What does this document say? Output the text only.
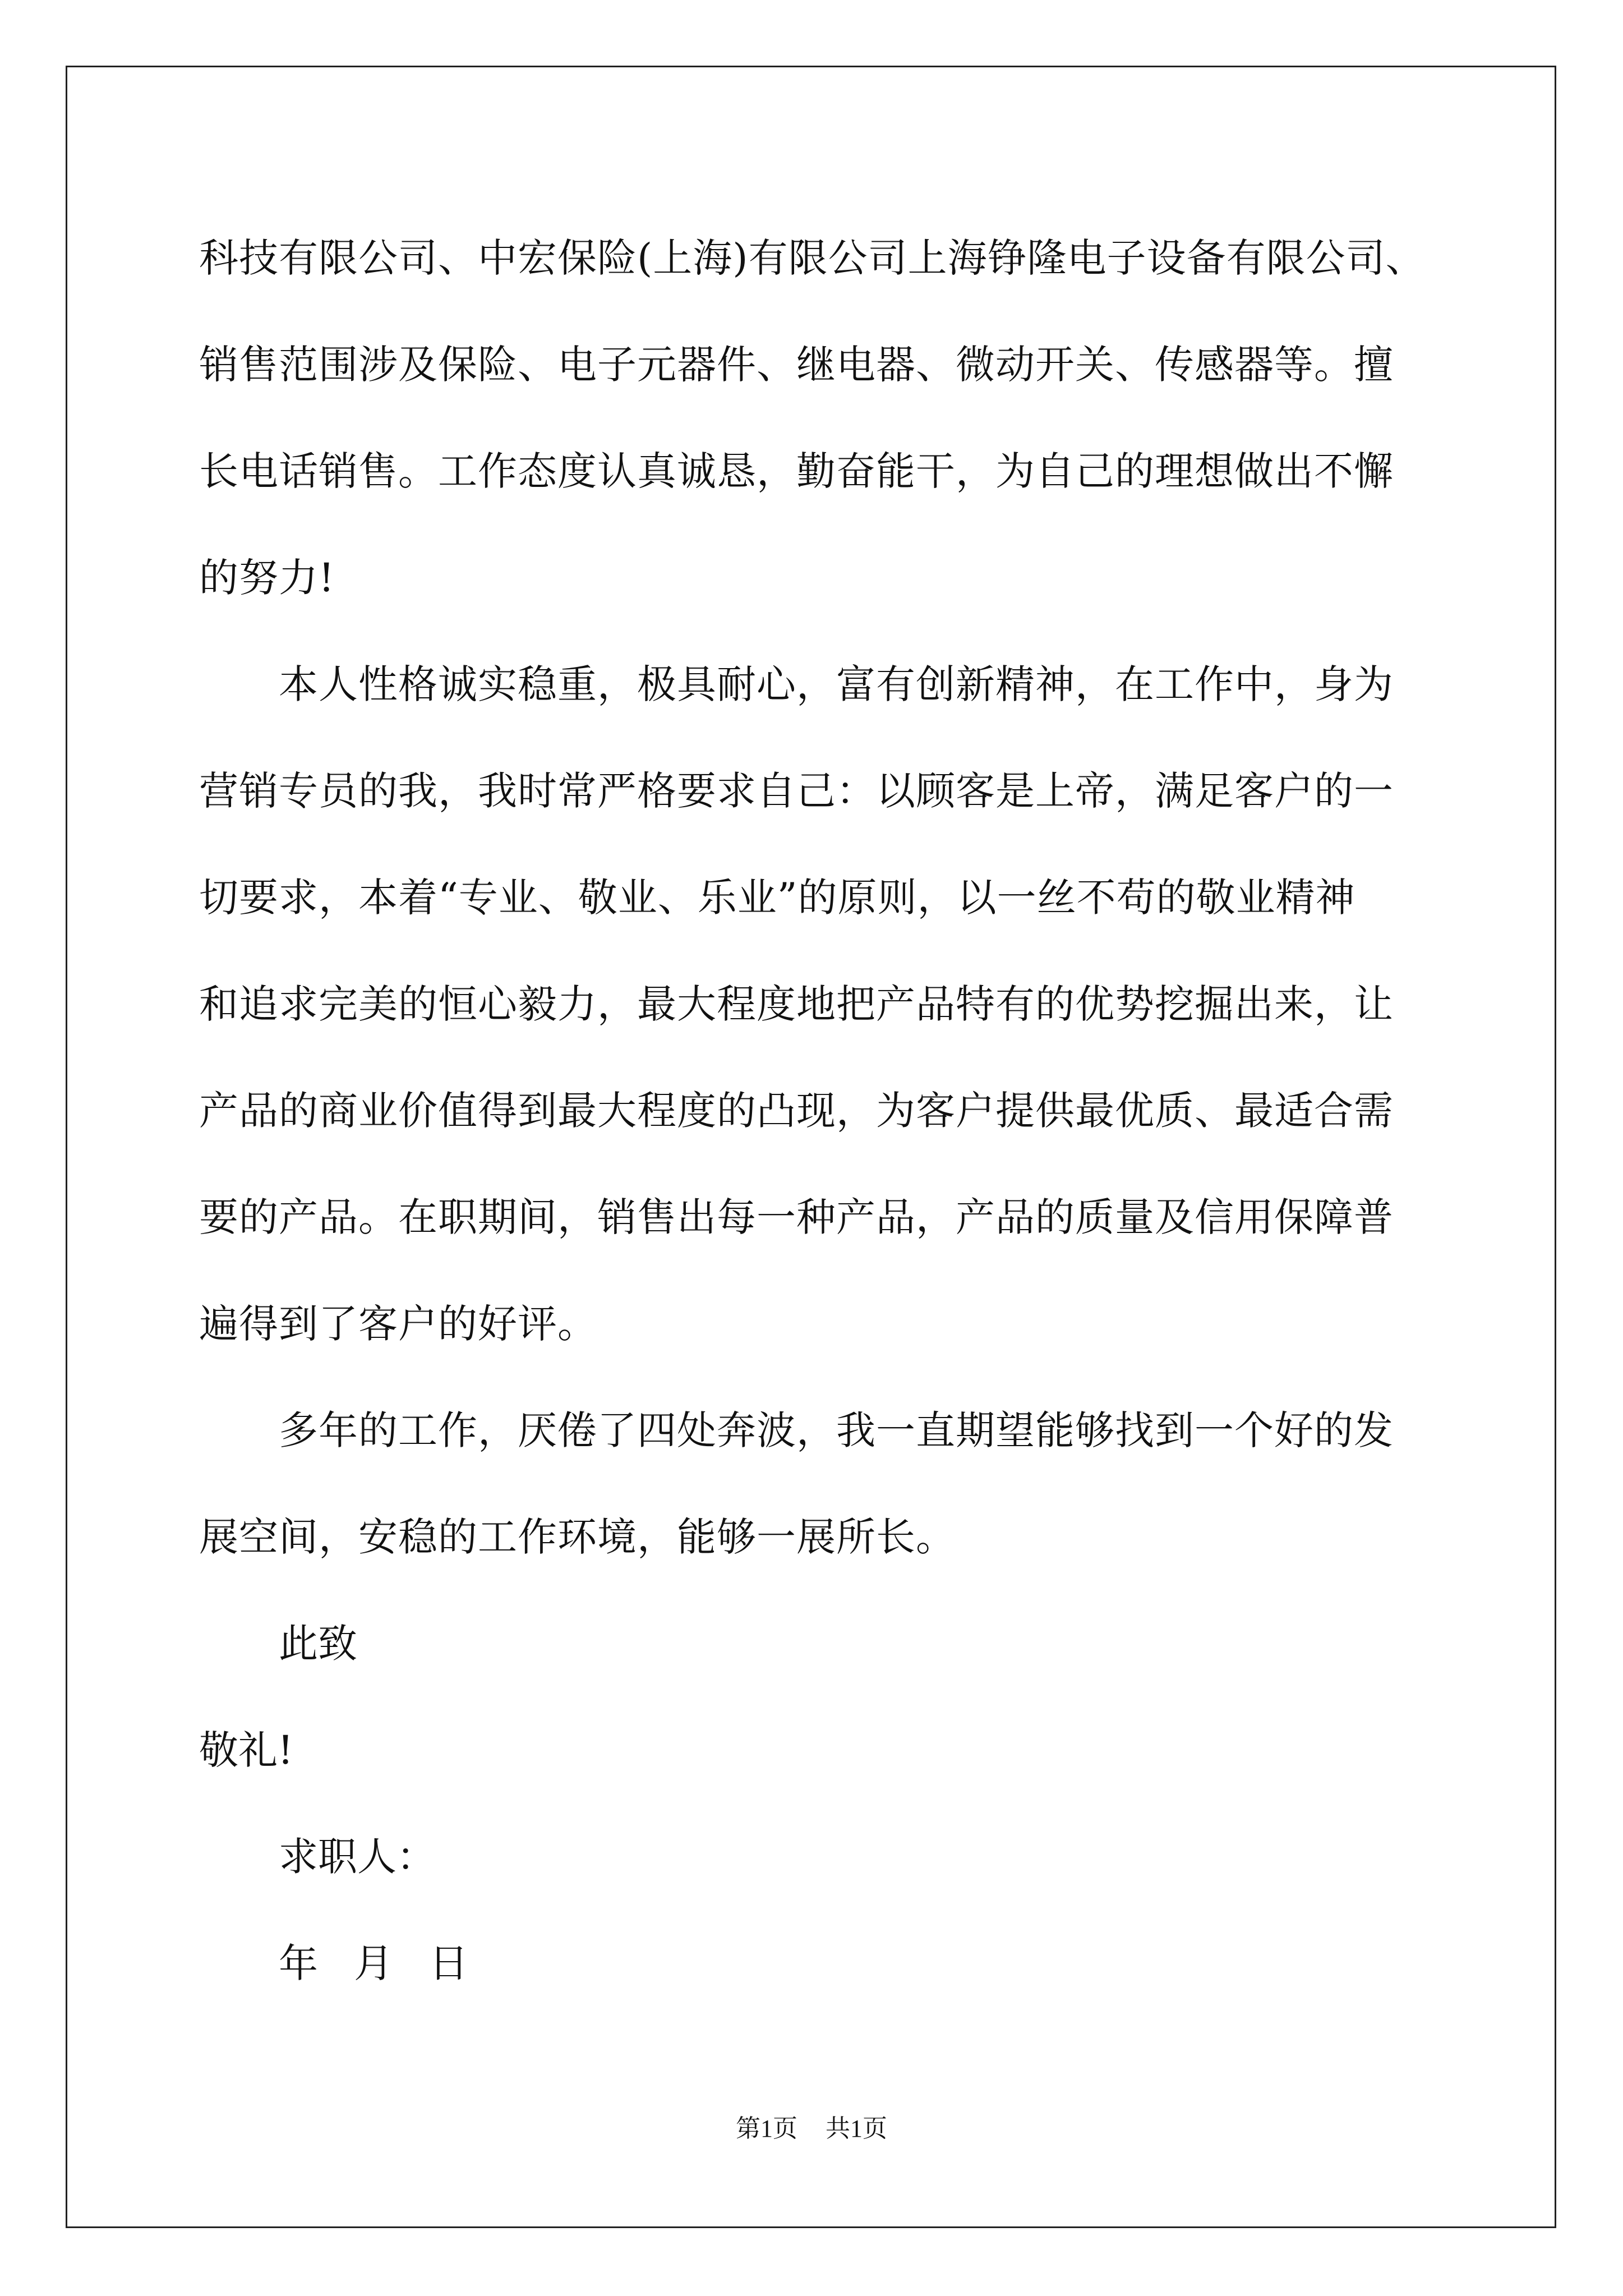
科技有限公司、中宏保险(上海)有限公司上海铮隆电子设备有限公司、
销售范围涉及保险、电子元器件、继电器、微动开关、传感器等。擅
长电话销售。工作态度认真诚恳，勤奋能干，为自己的理想做出不懈
的努力!
本人性格诚实稳重，极具耐心，富有创新精神，在工作中，身为
营销专员的我，我时常严格要求自己：以顾客是上帝，满足客户的一
切要求，本着“专业、敬业、乐业”的原则，以一丝不苟的敬业精神
和追求完美的恒心毅力，最大程度地把产品特有的优势挖掘出来，让
产品的商业价值得到最大程度的凸现，为客户提供最优质、最适合需
要的产品。在职期间，销售出每一种产品，产品的质量及信用保障普
遍得到了客户的好评。
多年的工作，厌倦了四处奔波，我一直期望能够找到一个好的发
展空间，安稳的工作环境，能够一展所长。
此致
敬礼!
求职人：
年 月 日
第1页 共1页
